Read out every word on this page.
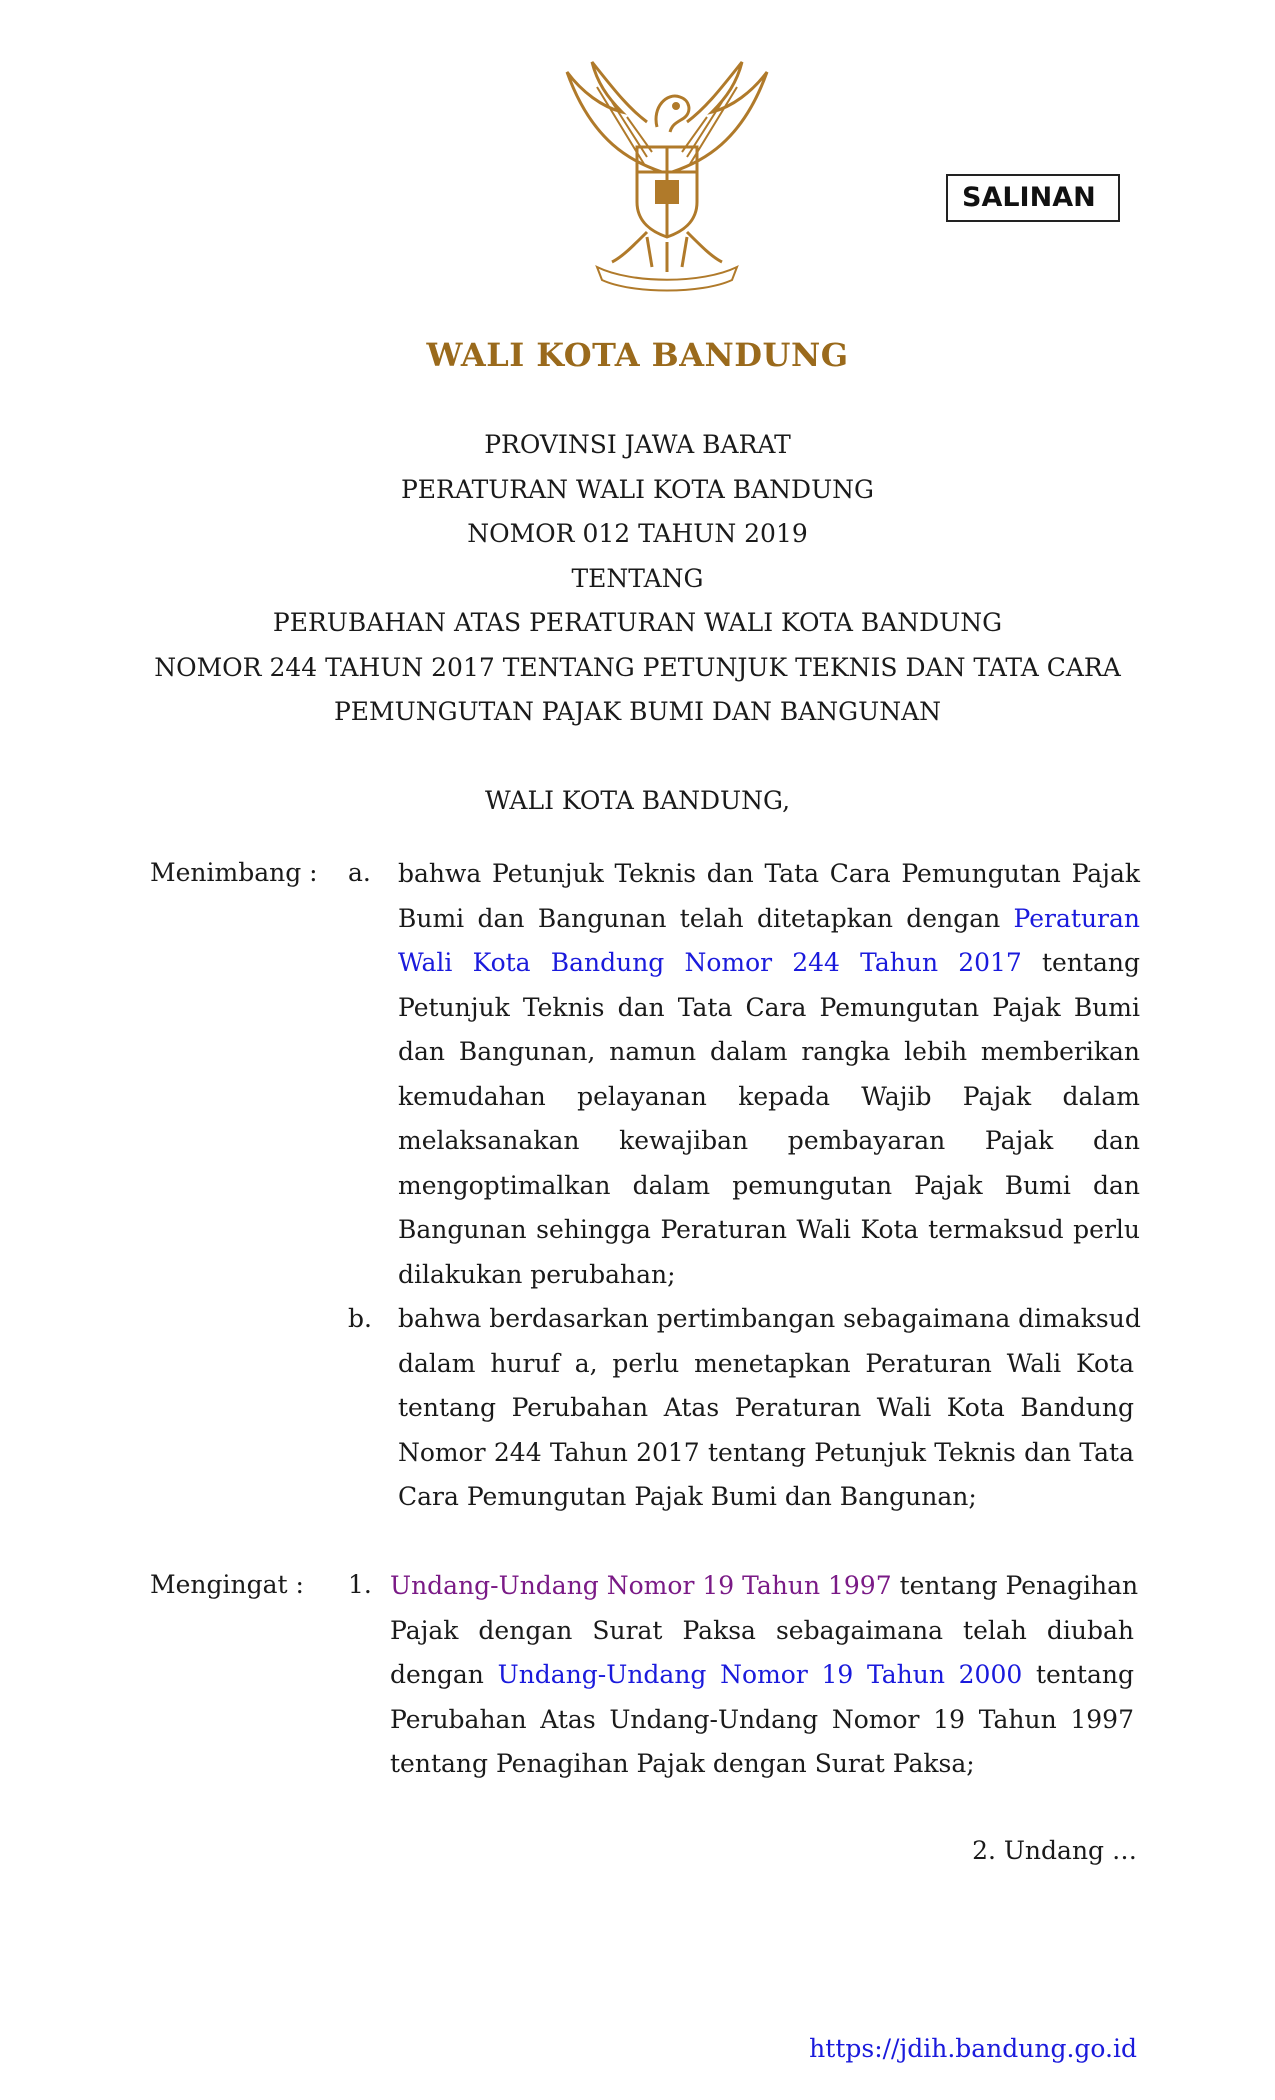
SALINAN
WALI KOTA BANDUNG
PROVINSI JAWA BARAT
PERATURAN WALI KOTA BANDUNG
NOMOR 012 TAHUN 2019
TENTANG
PERUBAHAN ATAS PERATURAN WALI KOTA BANDUNG
NOMOR 244 TAHUN 2017 TENTANG PETUNJUK TEKNIS DAN TATA CARA
PEMUNGUTAN PAJAK BUMI DAN BANGUNAN
WALI KOTA BANDUNG,
Menimbang : a. bahwa Petunjuk Teknis dan Tata Cara Pemungutan Pajak
Bumi dan Bangunan telah ditetapkan dengan Peraturan
Wali Kota Bandung Nomor 244 Tahun 2017 tentang
Petunjuk Teknis dan Tata Cara Pemungutan Pajak Bumi
dan Bangunan, namun dalam rangka lebih memberikan
kemudahan pelayanan kepada Wajib Pajak dalam
melaksanakan kewajiban pembayaran Pajak dan
mengoptimalkan dalam pemungutan Pajak Bumi dan
Bangunan sehingga Peraturan Wali Kota termaksud perlu
dilakukan perubahan;
b. bahwa berdasarkan pertimbangan sebagaimana dimaksud
dalam huruf a, perlu menetapkan Peraturan Wali Kota
tentang Perubahan Atas Peraturan Wali Kota Bandung
Nomor 244 Tahun 2017 tentang Petunjuk Teknis dan Tata
Cara Pemungutan Pajak Bumi dan Bangunan;
Mengingat : 1. Undang-Undang Nomor 19 Tahun 1997 tentang Penagihan
Pajak dengan Surat Paksa sebagaimana telah diubah
dengan Undang-Undang Nomor 19 Tahun 2000 tentang
Perubahan Atas Undang-Undang Nomor 19 Tahun 1997
tentang Penagihan Pajak dengan Surat Paksa;
2. Undang …
https://jdih.bandung.go.id
